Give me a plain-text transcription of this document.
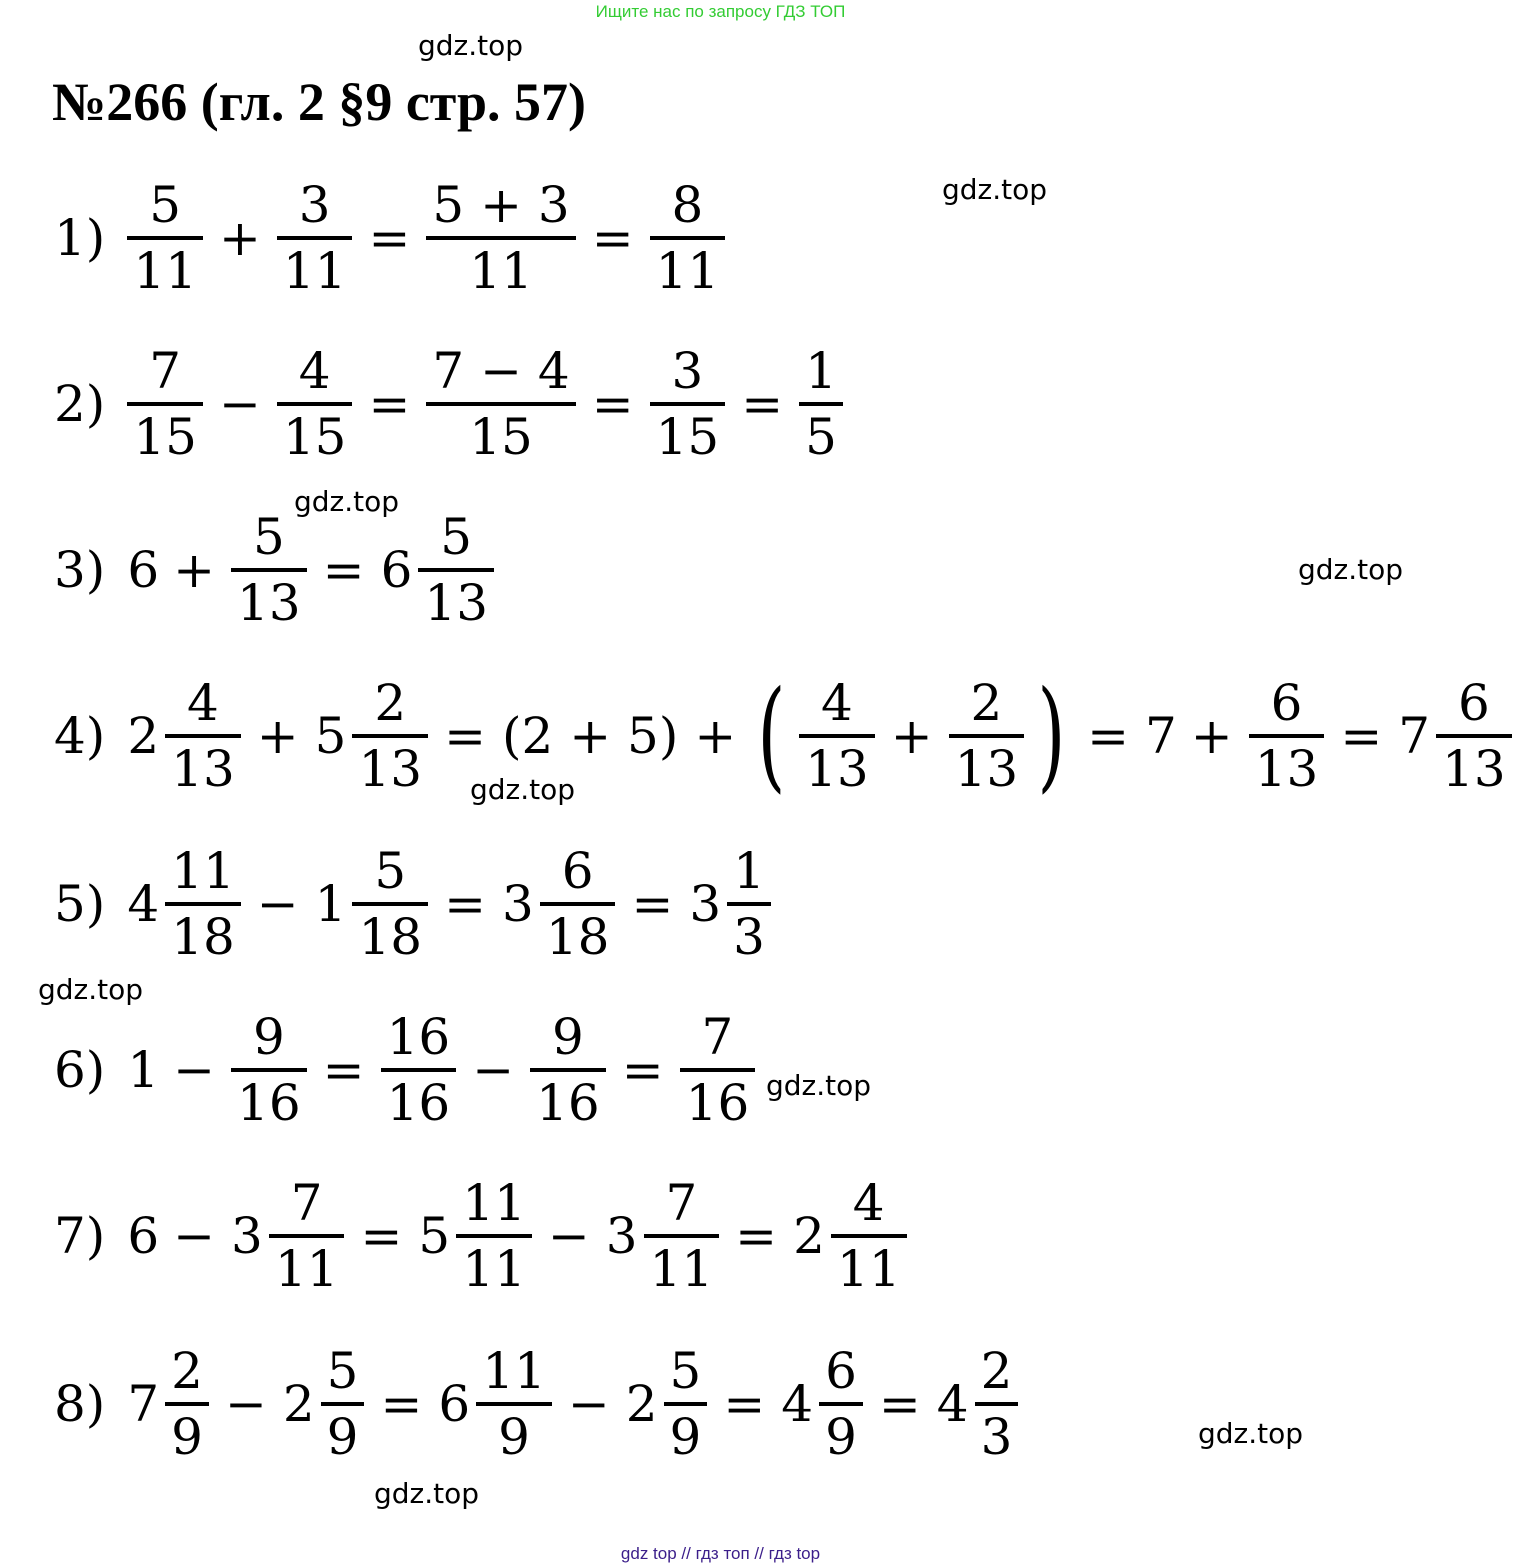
Ищите нас по запросу ГДЗ ТОП
№266 (гл. 2 §9 стр. 57)
gdz.top
gdz.top
gdz.top
gdz.top
gdz.top
gdz.top
gdz.top
gdz.top
gdz.top
$1) \frac{5}{11} + \frac{3}{11} = \frac{5 + 3}{11} = \frac{8}{11}$
$2) \frac{7}{15} - \frac{4}{15} = \frac{7 - 4}{15} = \frac{3}{15} = \frac{1}{5}$
3) $6 + \frac{5}{13} = 6 \frac{5}{13}$
4) $2 \frac{4}{13} + 5 \frac{2}{13} = (2 + 5)$ + ( $\frac{4}{13} + \frac{2}{13}$ ) = $7 + \frac{6}{13} = 7 \frac{6}{13}$
5) $4 \frac{11}{18} - 1 \frac{5}{18} = 3 \frac{6}{18} = 3 \frac{1}{3}$
6) $1 - \frac{9}{16} = \frac{16}{16} - \frac{9}{16} = \frac{7}{16}$
7) $6 - 3 \frac{7}{11} = 5 \frac{11}{11} - 3 \frac{7}{11} = 2 \frac{4}{11}$
8) $7 \frac{2}{9} - 2 \frac{5}{9} = 6 \frac{11}{9} - 2 \frac{5}{9} = 4 \frac{6}{9} = 4 \frac{2}{3}$
gdz top // гдз топ // гдз top
